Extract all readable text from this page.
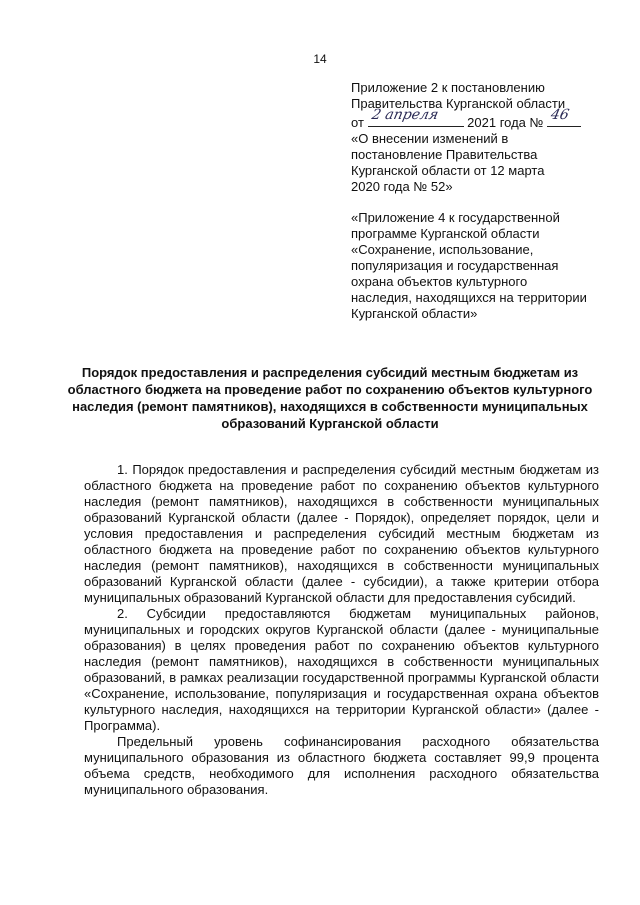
14
Приложение 2 к постановлению
Правительства Курганской области
от 2 апреля 2021 года № 46
«О внесении изменений в
постановление Правительства
Курганской области от 12 марта
2020 года № 52»
«Приложение 4 к государственной
программе Курганской области
«Сохранение, использование,
популяризация и государственная
охрана объектов культурного
наследия, находящихся на территории
Курганской области»
Порядок предоставления и распределения субсидий местным бюджетам из областного бюджета на проведение работ по сохранению объектов культурного наследия (ремонт памятников), находящихся в собственности муниципальных образований Курганской области

1. Порядок предоставления и распределения субсидий местным бюджетам из областного бюджета на проведение работ по сохранению объектов культурного наследия (ремонт памятников), находящихся в собственности муниципальных образований Курганской области (далее - Порядок), определяет порядок, цели и условия предоставления и распределения субсидий местным бюджетам из областного бюджета на проведение работ по сохранению объектов культурного наследия (ремонт памятников), находящихся в собственности муниципальных образований Курганской области (далее - субсидии), а также критерии отбора муниципальных образований Курганской области для предоставления субсидий.

2. Субсидии предоставляются бюджетам муниципальных районов, муниципальных и городских округов Курганской области (далее - муниципальные образования) в целях проведения работ по сохранению объектов культурного наследия (ремонт памятников), находящихся в собственности муниципальных образований, в рамках реализации государственной программы Курганской области «Сохранение, использование, популяризация и государственная охрана объектов культурного наследия, находящихся на территории Курганской области» (далее - Программа).

Предельный уровень софинансирования расходного обязательства муниципального образования из областного бюджета составляет 99,9 процента объема средств, необходимого для исполнения расходного обязательства муниципального образования.
